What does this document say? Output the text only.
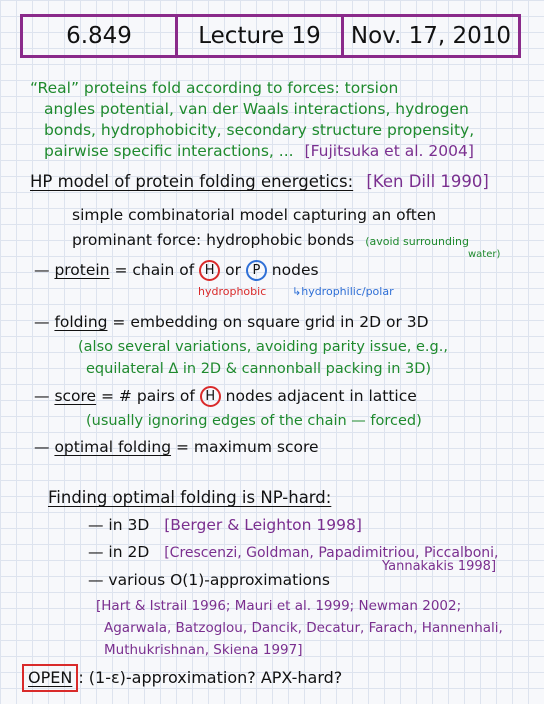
6.849	Lecture 19	Nov. 17, 2010
“Real” proteins fold according to forces: torsion
angles potential, van der Waals interactions, hydrogen
bonds, hydrophobicity, secondary structure propensity,
pairwise specific interactions, ... [Fujitsuka et al. 2004]
HP model of protein folding energetics: [Ken Dill 1990]
simple combinatorial model capturing an often
prominant force: hydrophobic bonds (avoid surrounding
water)
— protein = chain of H or P nodes
hydrophobic ↳hydrophilic/polar
— folding = embedding on square grid in 2D or 3D
(also several variations, avoiding parity issue, e.g.,
equilateral Δ in 2D & cannonball packing in 3D)
— score = # pairs of H nodes adjacent in lattice
(usually ignoring edges of the chain — forced)
— optimal folding = maximum score
Finding optimal folding is NP-hard:
— in 3D [Berger & Leighton 1998]
— in 2D [Crescenzi, Goldman, Papadimitriou, Piccalboni,
Yannakakis 1998]
— various O(1)-approximations
[Hart & Istrail 1996; Mauri et al. 1999; Newman 2002;
Agarwala, Batzoglou, Dancik, Decatur, Farach, Hannenhali,
Muthukrishnan, Skiena 1997]
OPEN : (1-ε)-approximation? APX-hard?
